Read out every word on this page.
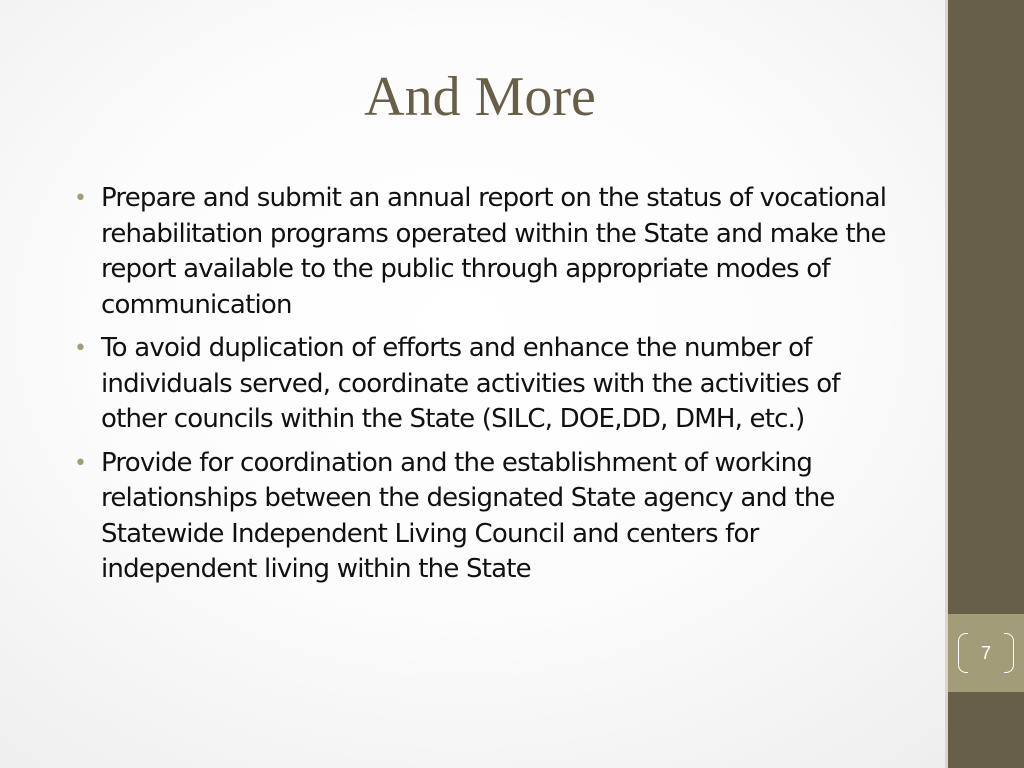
7
And More
• Prepare and submit an annual report on the status of vocational rehabilitation programs operated within the State and make the report available to the public through appropriate modes of communication
• To avoid duplication of efforts and enhance the number of individuals served, coordinate activities with the activities of other councils within the State (SILC, DOE,DD, DMH, etc.)
• Provide for coordination and the establishment of working relationships between the designated State agency and the Statewide Independent Living Council and centers for independent living within the State
